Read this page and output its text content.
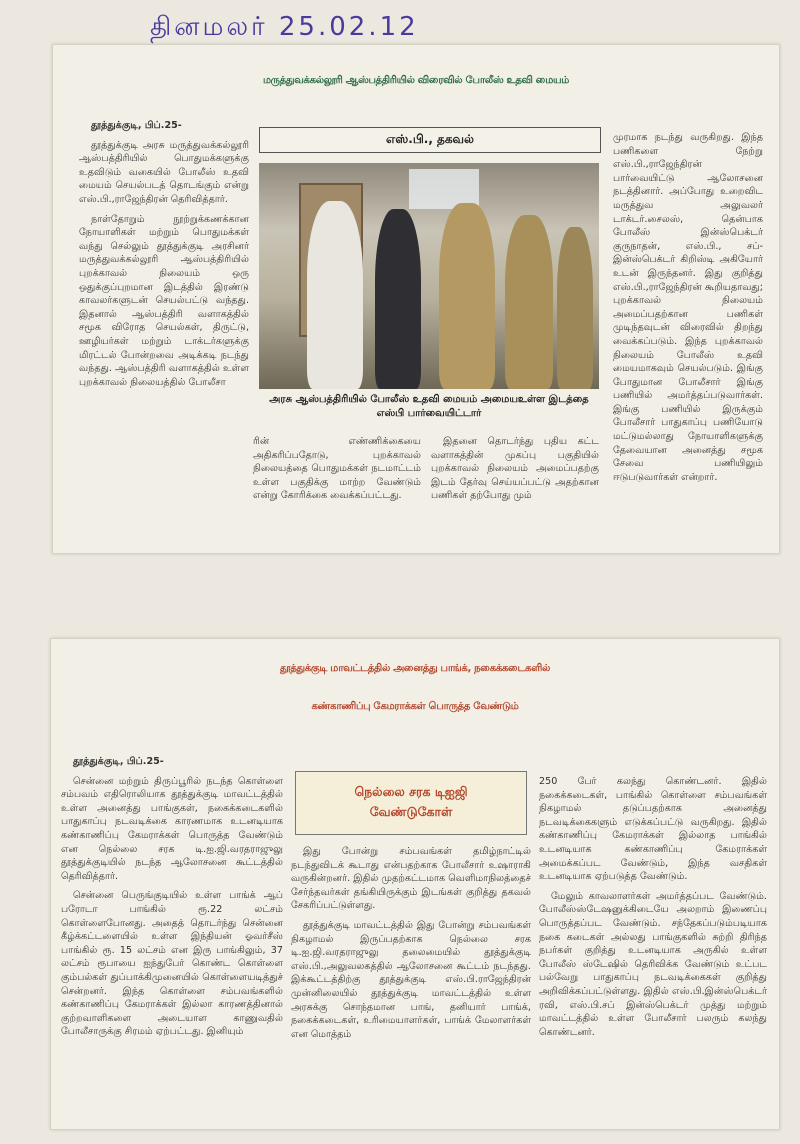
தினமலர் 25.02.12
மருத்துவக்கல்லூரி ஆஸ்பத்திரியில் விரைவில் போலீஸ் உதவி மையம்

தூத்துக்குடி, பிப்.25-

தூத்துக்குடி அரசு மருத்துவக்கல்லூரி ஆஸ்பத்திரியில் பொதுமக்களுக்கு உதவிடும் வகையில் போலீஸ் உதவி மையம் செயல்படத் தொடங்கும் என்று எஸ்.பி.,ராஜேந்திரன் தெரிவித்தார்.

நாள்தோறும் நூற்றுக்கணக்கான நோயாளிகள் மற்றும் பொதுமக்கள் வந்து செல்லும் தூத்துக்குடி அரசினர் மருத்துவக்கல்லூரி ஆஸ்பத்திரியில் புறக்காவல் நிலையம் ஒரு ஒதுக்குப்புறமான இடத்தில் இரண்டு காவலர்களுடன் செயல்பட்டு வந்தது. இதனால் ஆஸ்பத்திரி வளாகத்தில் சமூக விரோத செயல்கள், திருட்டு, ஊழியர்கள் மற்றும் டாக்டர்களுக்கு மிரட்டல் போன்றவை அடிக்கடி நடந்து வந்தது. ஆஸ்பத்திரி வளாகத்தில் உள்ள புறக்காவல் நிலையத்தில் போலீசா

எஸ்.பி., தகவல்
அரசு ஆஸ்பத்திரியில் போலீஸ் உதவி மையம் அமையஉள்ள இடத்தை எஸ்பி பார்வையிட்டார்

ரின் எண்ணிக்கையை அதிகரிப்பதோடு, புறக்காவல் நிலையத்தை பொதுமக்கள் நடமாட்டம் உள்ள பகுதிக்கு மாற்ற வேண்டும் என்று கோரிக்கை வைக்கப்பட்டது.

இதனை தொடர்ந்து புதிய கட்ட வளாகத்தின் முகப்பு பகுதியில் புறக்காவல் நிலையம் அமைப்பதற்கு இடம் தேர்வு செய்யப்பட்டு அதற்கான பணிகள் தற்போது மும்

முரமாக நடந்து வருகிறது. இந்த பணிகளை நேற்று எஸ்.பி.,ராஜேந்திரன் பார்வையிட்டு ஆலோசனை நடத்தினார். அப்போது உறைவிட மருத்துவ அலுவலர் டாக்டர்.சைலஸ், தென்பாக போலீஸ் இன்ஸ்பெக்டர் குருநாதன், எஸ்.பி., சப்-இன்ஸ்பெக்டர் கிறிஸ்டி அகியோர் உடன் இருந்தனர். இது குறித்து எஸ்.பி.,ராஜேந்திரன் கூறியதாவது; புறக்காவல் நிலையம் அமைப்பதற்கான பணிகள் முடிந்தவுடன் விரைவில் திறந்து வைக்கப்படும். இந்த புறக்காவல் நிலையம் போலீஸ் உதவி மையமாகவும் செயல்படும். இங்கு போதுமான போலீசார் இங்கு பணியில் அமர்த்தப்படுவார்கள். இங்கு பணியில் இருக்கும் போலீசார் பாதுகாப்பு பணியோடு மட்டுமல்லாது நோயாளிகளுக்கு தேவையான அனைத்து சமூக சேவை பணியிலும் ஈடுபடுவார்கள் என்றார்.

தூத்துக்குடி மாவட்டத்தில் அனைத்து பாங்க், நகைக்கடைகளில்
கண்காணிப்பு கேமராக்கள் பொருத்த வேண்டும்

தூத்துக்குடி, பிப்.25-

சென்னை மற்றும் திருப்பூரில் நடந்த கொள்ளை சம்பவம் எதிரொலியாக தூத்துக்குடி மாவட்டத்தில் உள்ள அனைத்து பாங்குகள், நகைக்கடைகளில் பாதுகாப்பு நடவடிக்கை காரணமாக உடனடியாக கண்காணிப்பு கேமராக்கள் பொருத்த வேண்டும் என நெல்லை சரக டி.ஐ.ஜி.வரதராஜுலு தூத்துக்குடியில் நடந்த ஆலோசனை கூட்டத்தில் தெரிவித்தார்.

சென்னை பெருங்குடியில் உள்ள பாங்க் ஆப் பரோடா பாங்கில் ரூ.22 லட்சம் கொள்ளைபோனது. அதைத் தொடர்ந்து சென்னை கீழ்க்கட்டளையில் உள்ள இந்தியன் ஓவர்சீஸ் பாங்கில் ரூ. 15 லட்சம் என இரு பாங்கிலும், 37 லட்சம் ரூபாயை ஐந்துபேர் கொண்ட கொள்ளை கும்பல்கள் துப்பாக்கிமுனையில் கொள்ளையடித்துச் சென்றனர். இந்த கொள்ளை சம்பவங்களில் கண்காணிப்பு கேமராக்கள் இல்லா காரணத்தினால் குற்றவாளிகளை அடையாள காணுவதில் போலீசாருக்கு சிரமம் ஏற்பட்டது. இனியும்

நெல்லை சரக டிஐஜி
வேண்டுகோள்

இது போன்று சம்பவங்கள் தமிழ்நாட்டில் நடந்துவிடக் கூடாது என்பதற்காக போலீசார் உஷாராகி வருகின்றனர். இதில் முதற்கட்டமாக வெளிமாநிலத்தைச் சேர்ந்தவர்கள் தங்கியிருக்கும் இடங்கள் குறித்து தகவல் சேகரிப்பட்டுள்ளது.

தூத்துக்குடி மாவட்டத்தில் இது போன்று சம்பவங்கள் நிகழாமல் இருப்பதற்காக நெல்லை சரக டி.ஐ.ஜி.வரதராஜுலு தலைமையில் தூத்துக்குடி எஸ்.பி.,அலுவலகத்தில் ஆலோசனை கூட்டம் நடந்தது. இக்கூட்டத்திற்கு தூத்துக்குடி எஸ்.பி.ராஜேந்திரன் முன்னிலையில் தூத்துக்குடி மாவட்டத்தில் உள்ள அரசுக்கு சொந்தமான பாங், தனியார் பாங்க், நகைக்கடைகள், உரிமையாளர்கள், பாங்க் மேலாளர்கள் என மொத்தம்

250 பேர் கலந்து கொண்டனர். இதில் நகைக்கடைகள், பாங்கில் கொள்ளை சம்பவங்கள் நிகழாமல் தடுப்பதற்காக அனைத்து நடவடிக்கைகளும் எடுக்கப்பட்டு வருகிறது. இதில் கண்காணிப்பு கேமராக்கள் இல்லாத பாங்கில் உடனடியாக கண்காணிப்பு கேமராக்கள் அமைக்கப்பட வேண்டும், இந்த வசதிகள் உடனடியாக ஏற்படுத்த வேண்டும்.

மேலும் காவலாளர்கள் அமர்த்தப்பட வேண்டும். போலீஸ்ஸ்டேஷனுக்கிடையே அலறாம் இணைப்பு பொருத்தப்பட வேண்டும். சந்தேகப்படும்படியாக நகை கடைகள் அல்லது பாங்குகளில் சுற்றி திரிந்த நபர்கள் குறித்து உடனடியாக அருகில் உள்ள போலீஸ் ஸ்டேஷில் தெரிவிக்க வேண்டும் உட்பட பல்வேறு பாதுகாப்பு நடவடிக்கைகள் குறித்து அறிவிக்கப்பட்டுள்ளது. இதில் எஸ்.பி.இன்ஸ்பெக்டர் ரவி, எஸ்.பி.சப் இன்ஸ்பெக்டர் முத்து மற்றும் மாவட்டத்தில் உள்ள போலீசார் பலரும் கலந்து கொண்டனர்.
